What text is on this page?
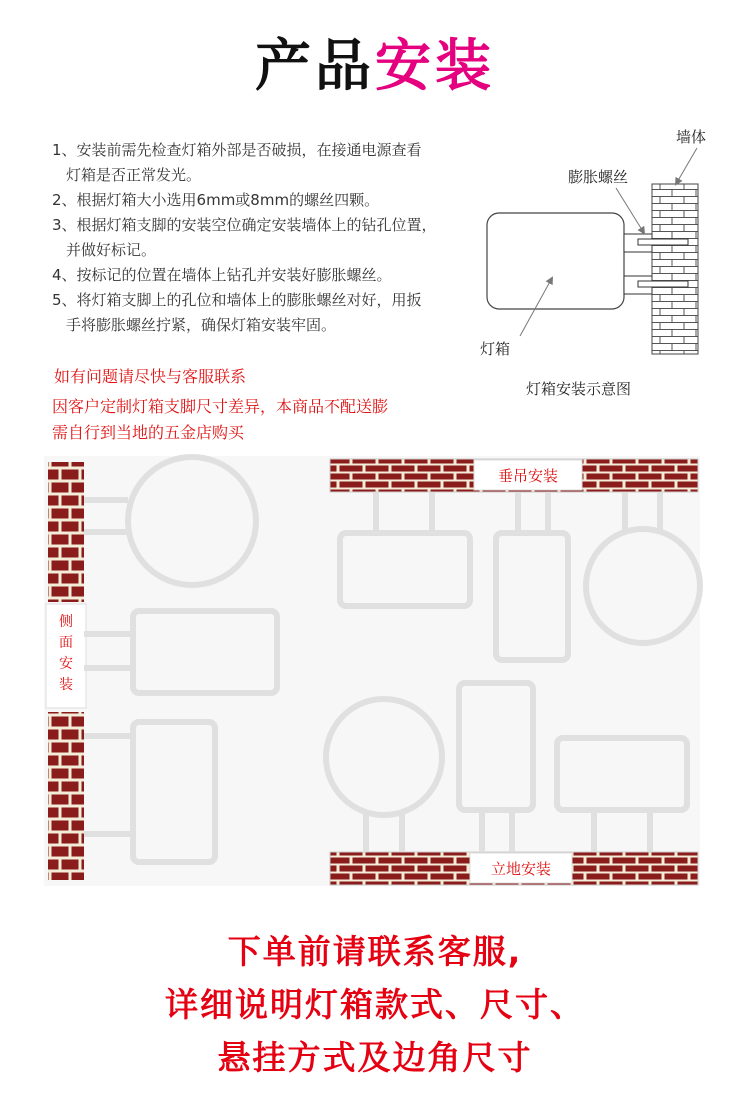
产品安装
1、安装前需先检查灯箱外部是否破损，在接通电源查看
灯箱是否正常发光。
2、根据灯箱大小选用6mm或8mm的螺丝四颗。
3、根据灯箱支脚的安装空位确定安装墙体上的钻孔位置，
并做好标记。
4、按标记的位置在墙体上钻孔并安装好膨胀螺丝。
5、将灯箱支脚上的孔位和墙体上的膨胀螺丝对好，用扳
手将膨胀螺丝拧紧，确保灯箱安装牢固。
墙体
膨胀螺丝
灯箱
灯箱安装示意图
如有问题请尽快与客服联系
因客户定制灯箱支脚尺寸差异，本商品不配送膨
需自行到当地的五金店购买
侧
面
安
装
垂吊安装
立地安装
下单前请联系客服,
详细说明灯箱款式、尺寸、
悬挂方式及边角尺寸
